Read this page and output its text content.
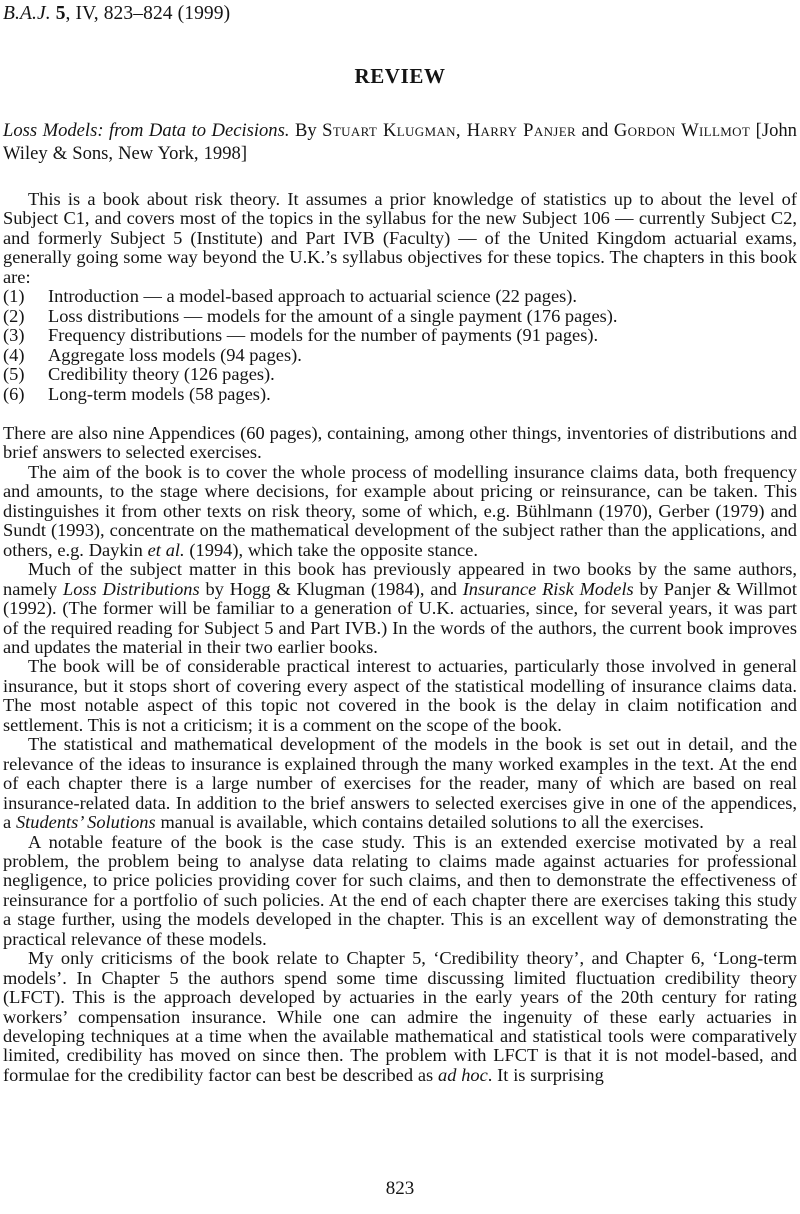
B.A.J. 5, IV, 823–824 (1999)
REVIEW
Loss Models: from Data to Decisions. By Stuart Klugman, Harry Panjer and Gordon Willmot [John Wiley & Sons, New York, 1998]

This is a book about risk theory. It assumes a prior knowledge of statistics up to about the level of Subject C1, and covers most of the topics in the syllabus for the new Subject 106 — currently Subject C2, and formerly Subject 5 (Institute) and Part IVB (Faculty) — of the United Kingdom actuarial exams, generally going some way beyond the U.K.’s syllabus objectives for these topics. The chapters in this book are:

(1)	Introduction — a model-based approach to actuarial science (22 pages).
(2)	Loss distributions — models for the amount of a single payment (176 pages).
(3)	Frequency distributions — models for the number of payments (91 pages).
(4)	Aggregate loss models (94 pages).
(5)	Credibility theory (126 pages).
(6)	Long-term models (58 pages).

There are also nine Appendices (60 pages), containing, among other things, inventories of distributions and brief answers to selected exercises.

The aim of the book is to cover the whole process of modelling insurance claims data, both frequency and amounts, to the stage where decisions, for example about pricing or reinsurance, can be taken. This distinguishes it from other texts on risk theory, some of which, e.g. Bühlmann (1970), Gerber (1979) and Sundt (1993), concentrate on the mathematical development of the subject rather than the applications, and others, e.g. Daykin et al. (1994), which take the opposite stance.

Much of the subject matter in this book has previously appeared in two books by the same authors, namely Loss Distributions by Hogg & Klugman (1984), and Insurance Risk Models by Panjer & Willmot (1992). (The former will be familiar to a generation of U.K. actuaries, since, for several years, it was part of the required reading for Subject 5 and Part IVB.) In the words of the authors, the current book improves and updates the material in their two earlier books.

The book will be of considerable practical interest to actuaries, particularly those involved in general insurance, but it stops short of covering every aspect of the statistical modelling of insurance claims data. The most notable aspect of this topic not covered in the book is the delay in claim notification and settlement. This is not a criticism; it is a comment on the scope of the book.

The statistical and mathematical development of the models in the book is set out in detail, and the relevance of the ideas to insurance is explained through the many worked examples in the text. At the end of each chapter there is a large number of exercises for the reader, many of which are based on real insurance-related data. In addition to the brief answers to selected exercises give in one of the appendices, a Students’ Solutions manual is available, which contains detailed solutions to all the exercises.

A notable feature of the book is the case study. This is an extended exercise motivated by a real problem, the problem being to analyse data relating to claims made against actuaries for professional negligence, to price policies providing cover for such claims, and then to demonstrate the effectiveness of reinsurance for a portfolio of such policies. At the end of each chapter there are exercises taking this study a stage further, using the models developed in the chapter. This is an excellent way of demonstrating the practical relevance of these models.

My only criticisms of the book relate to Chapter 5, ‘Credibility theory’, and Chapter 6, ‘Long-term models’. In Chapter 5 the authors spend some time discussing limited fluctuation credibility theory (LFCT). This is the approach developed by actuaries in the early years of the 20th century for rating workers’ compensation insurance. While one can admire the ingenuity of these early actuaries in developing techniques at a time when the available mathematical and statistical tools were comparatively limited, credibility has moved on since then. The problem with LFCT is that it is not model-based, and formulae for the credibility factor can best be described as ad hoc. It is surprising

823
